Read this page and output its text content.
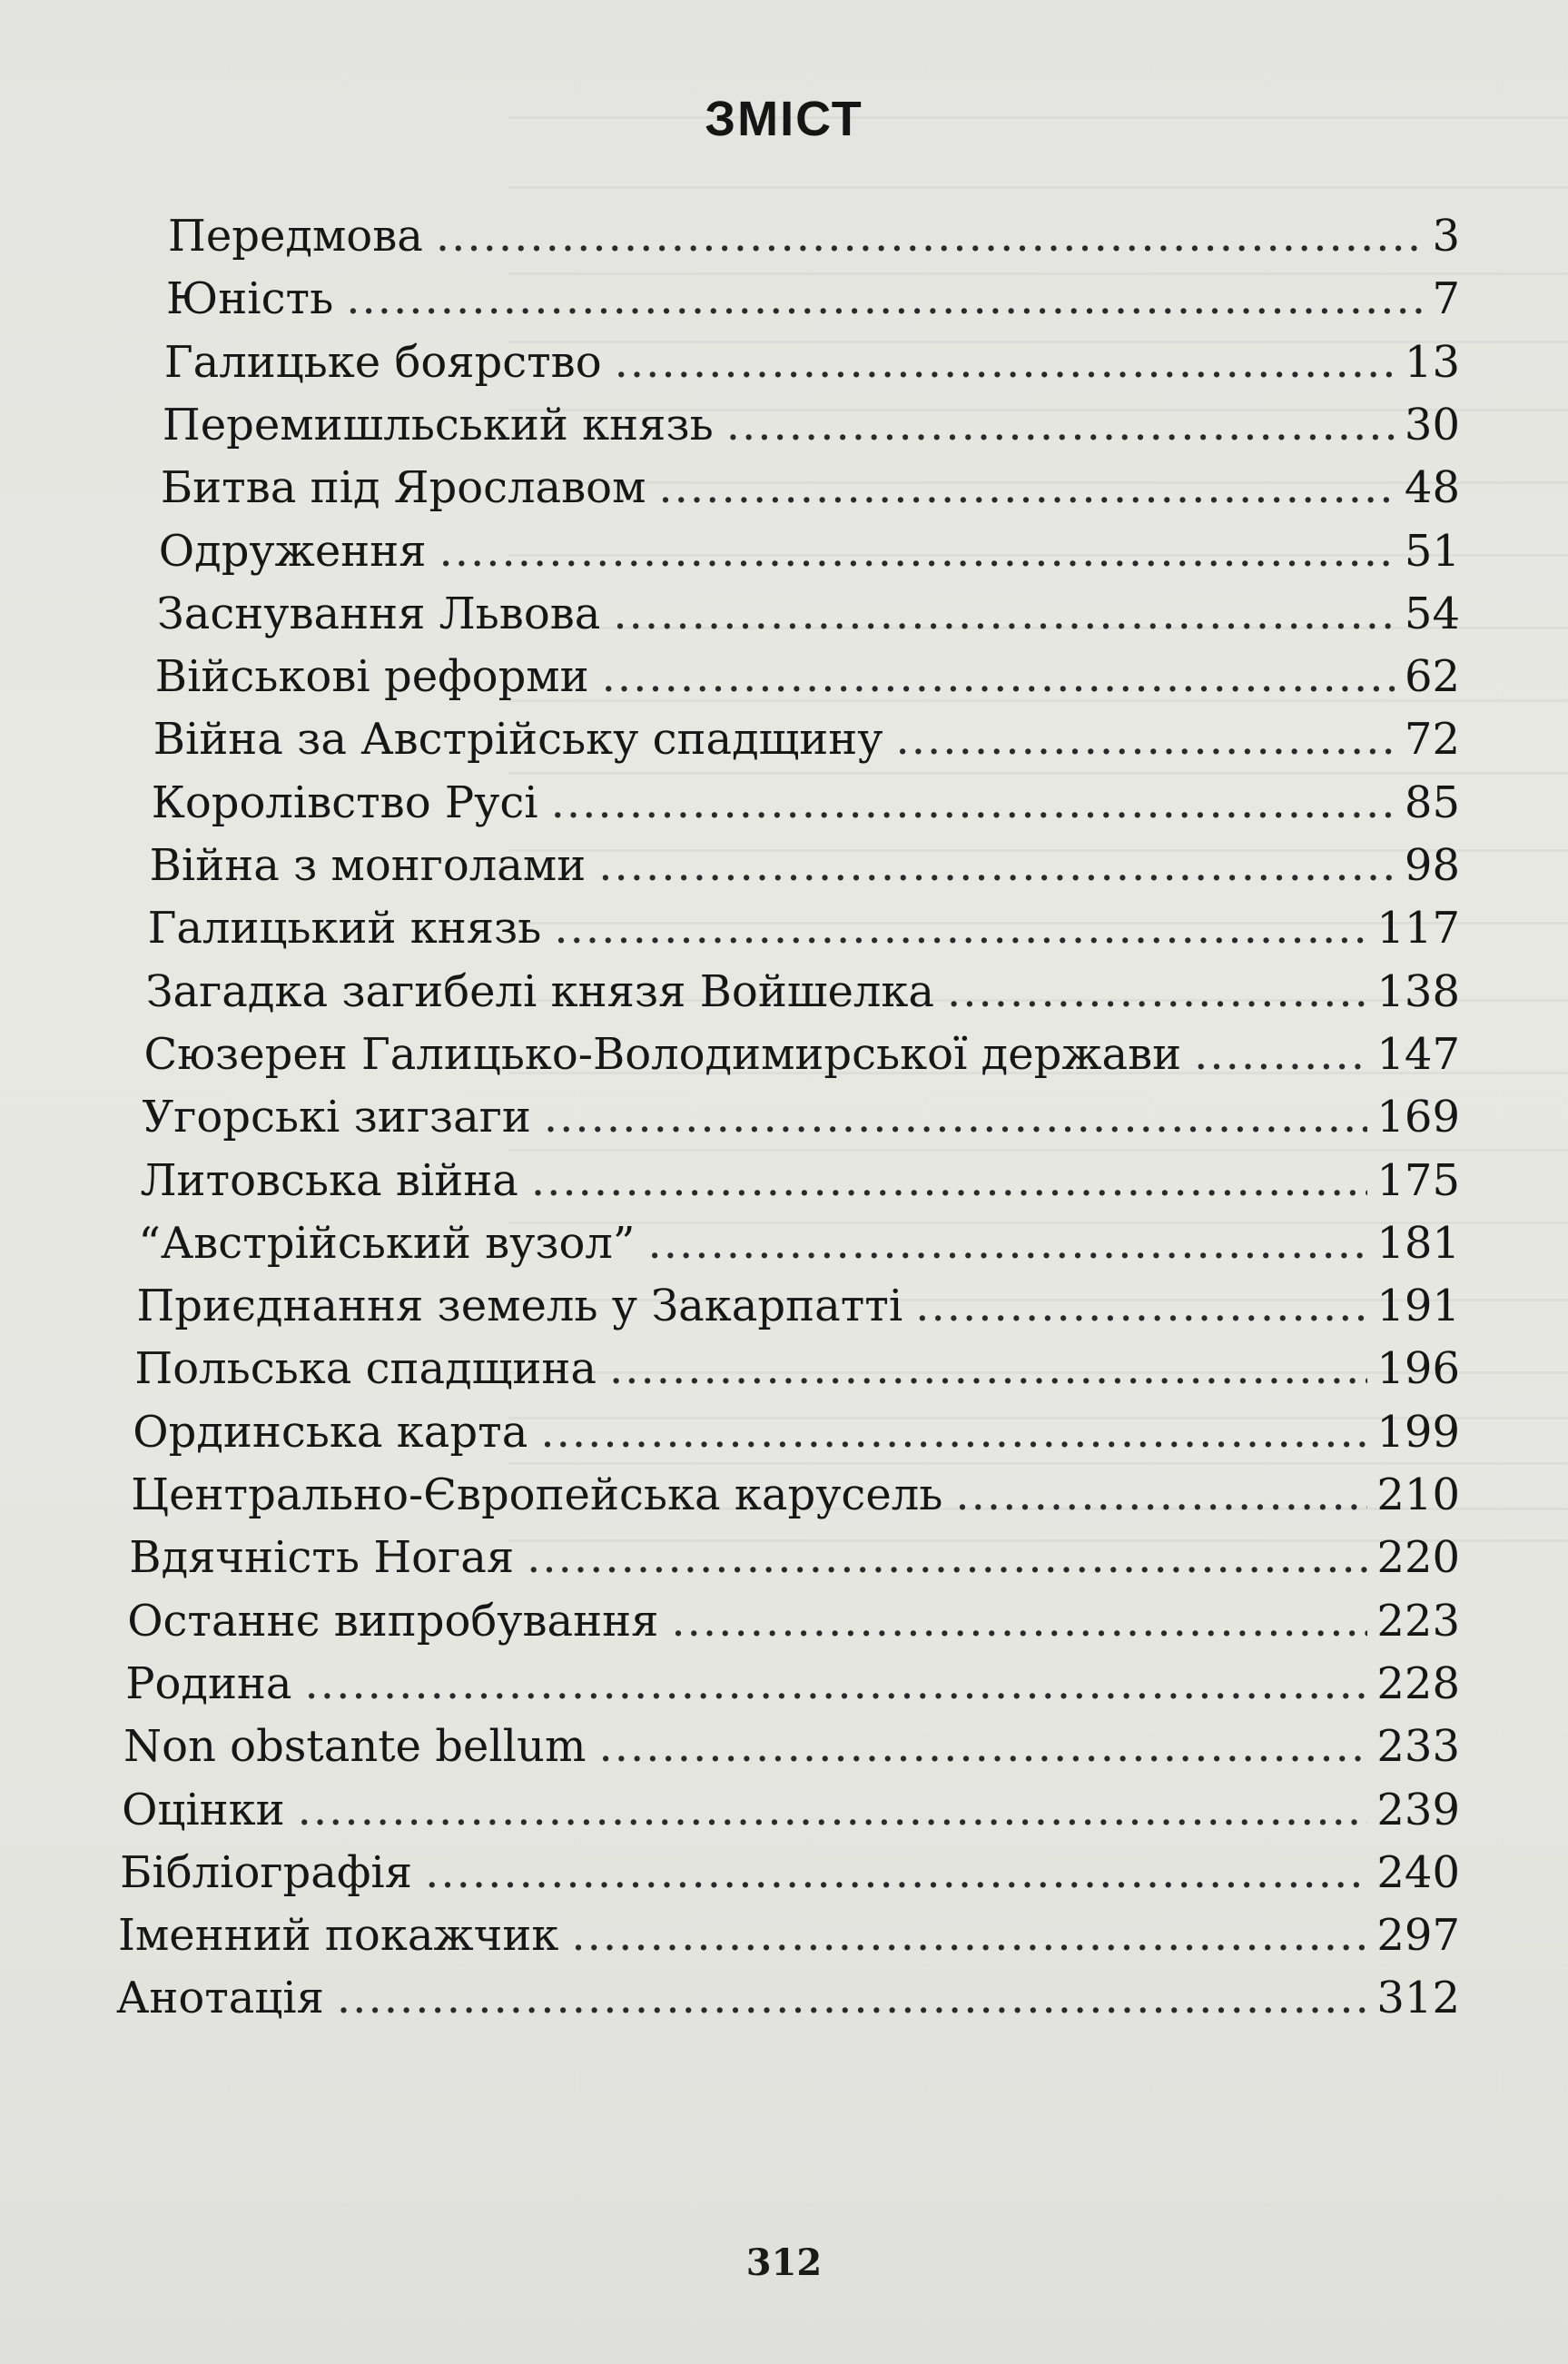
ЗМІСТ
Передмова .....	3
Юність .....	7
Галицьке боярство .....	13
Перемишльський князь .....	30
Битва під Ярославом .....	48
Одруження .....	51
Заснування Львова .....	54
Військові реформи .....	62
Війна за Австрійську спадщину .....	72
Королівство Русі .....	85
Війна з монголами .....	98
Галицький князь .....	117
Загадка загибелі князя Войшелка .....	138
Сюзерен Галицько-Володимирської держави .....	147
Угорські зигзаги .....	169
Литовська війна .....	175
“Австрійський вузол” .....	181
Приєднання земель у Закарпатті .....	191
Польська спадщина .....	196
Ординська карта .....	199
Центрально-Європейська карусель .....	210
Вдячність Ногая .....	220
Останнє випробування .....	223
Родина .....	228
Non obstante bellum .....	233
Оцінки .....	239
Бібліографія .....	240
Іменний покажчик .....	297
Анотація .....	312
312
